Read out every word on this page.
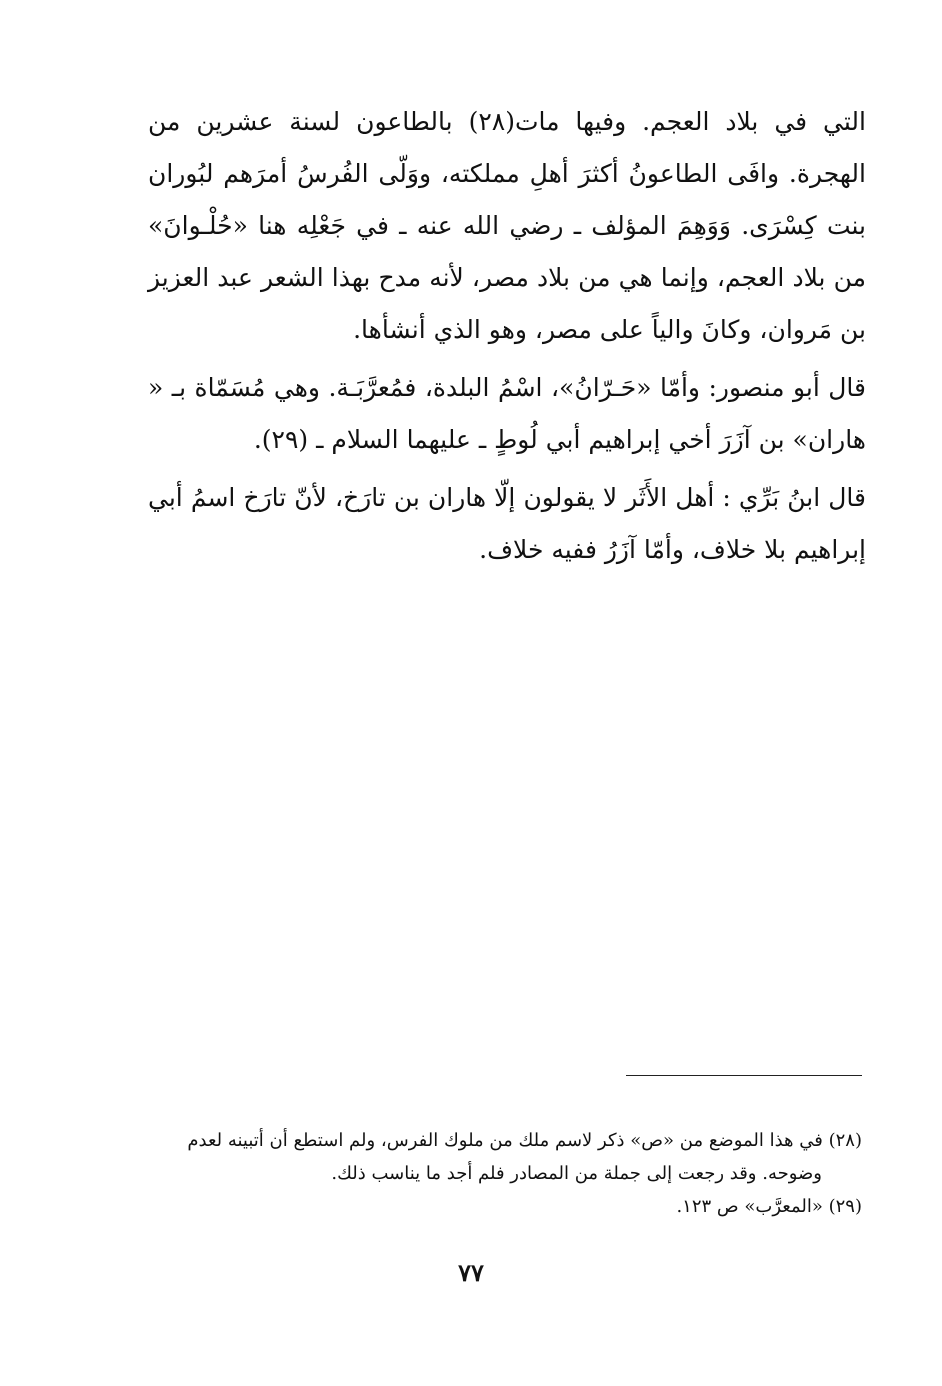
التي في بلاد العجم. وفيها مات(٢٨) بالطاعون لسنة عشرين من الهجرة. وافَى الطاعونُ أكثرَ أهلِ مملكته، ووَلّى الفُرسُ أمرَهم لبُوران بنت كِسْرَى. وَوَهِمَ المؤلف ـ رضي الله عنه ـ في جَعْلِه هنا «حُلْـوانَ» من بلاد العجم، وإنما هي من بلاد مصر، لأنه مدح بهذا الشعر عبد العزيز بن مَروان، وكانَ والياً على مصر، وهو الذي أنشأها.

قال أبو منصور: وأمّا «حَـرّانُ»، اسْمُ البلدة، فمُعرَّبَـة. وهي مُسَمّاة بـ « هاران» بن آزَرَ أخي إبراهيم أبي لُوطٍ ـ عليهما السلام ـ (٢٩).

قال ابنُ بَرِّي : أهل الأَثَر لا يقولون إلّا هاران بن تارَخ، لأنّ تارَخ اسمُ أبي إبراهيم بلا خلاف، وأمّا آزَرُ ففيه خلاف.

(٢٨) في هذا الموضع من «ص» ذكر لاسم ملك من ملوك الفرس، ولم استطع أن أتبينه لعدم

وضوحه. وقد رجعت إلى جملة من المصادر فلم أجد ما يناسب ذلك.

(٢٩) «المعرَّب» ص ١٢٣.

٧٧
